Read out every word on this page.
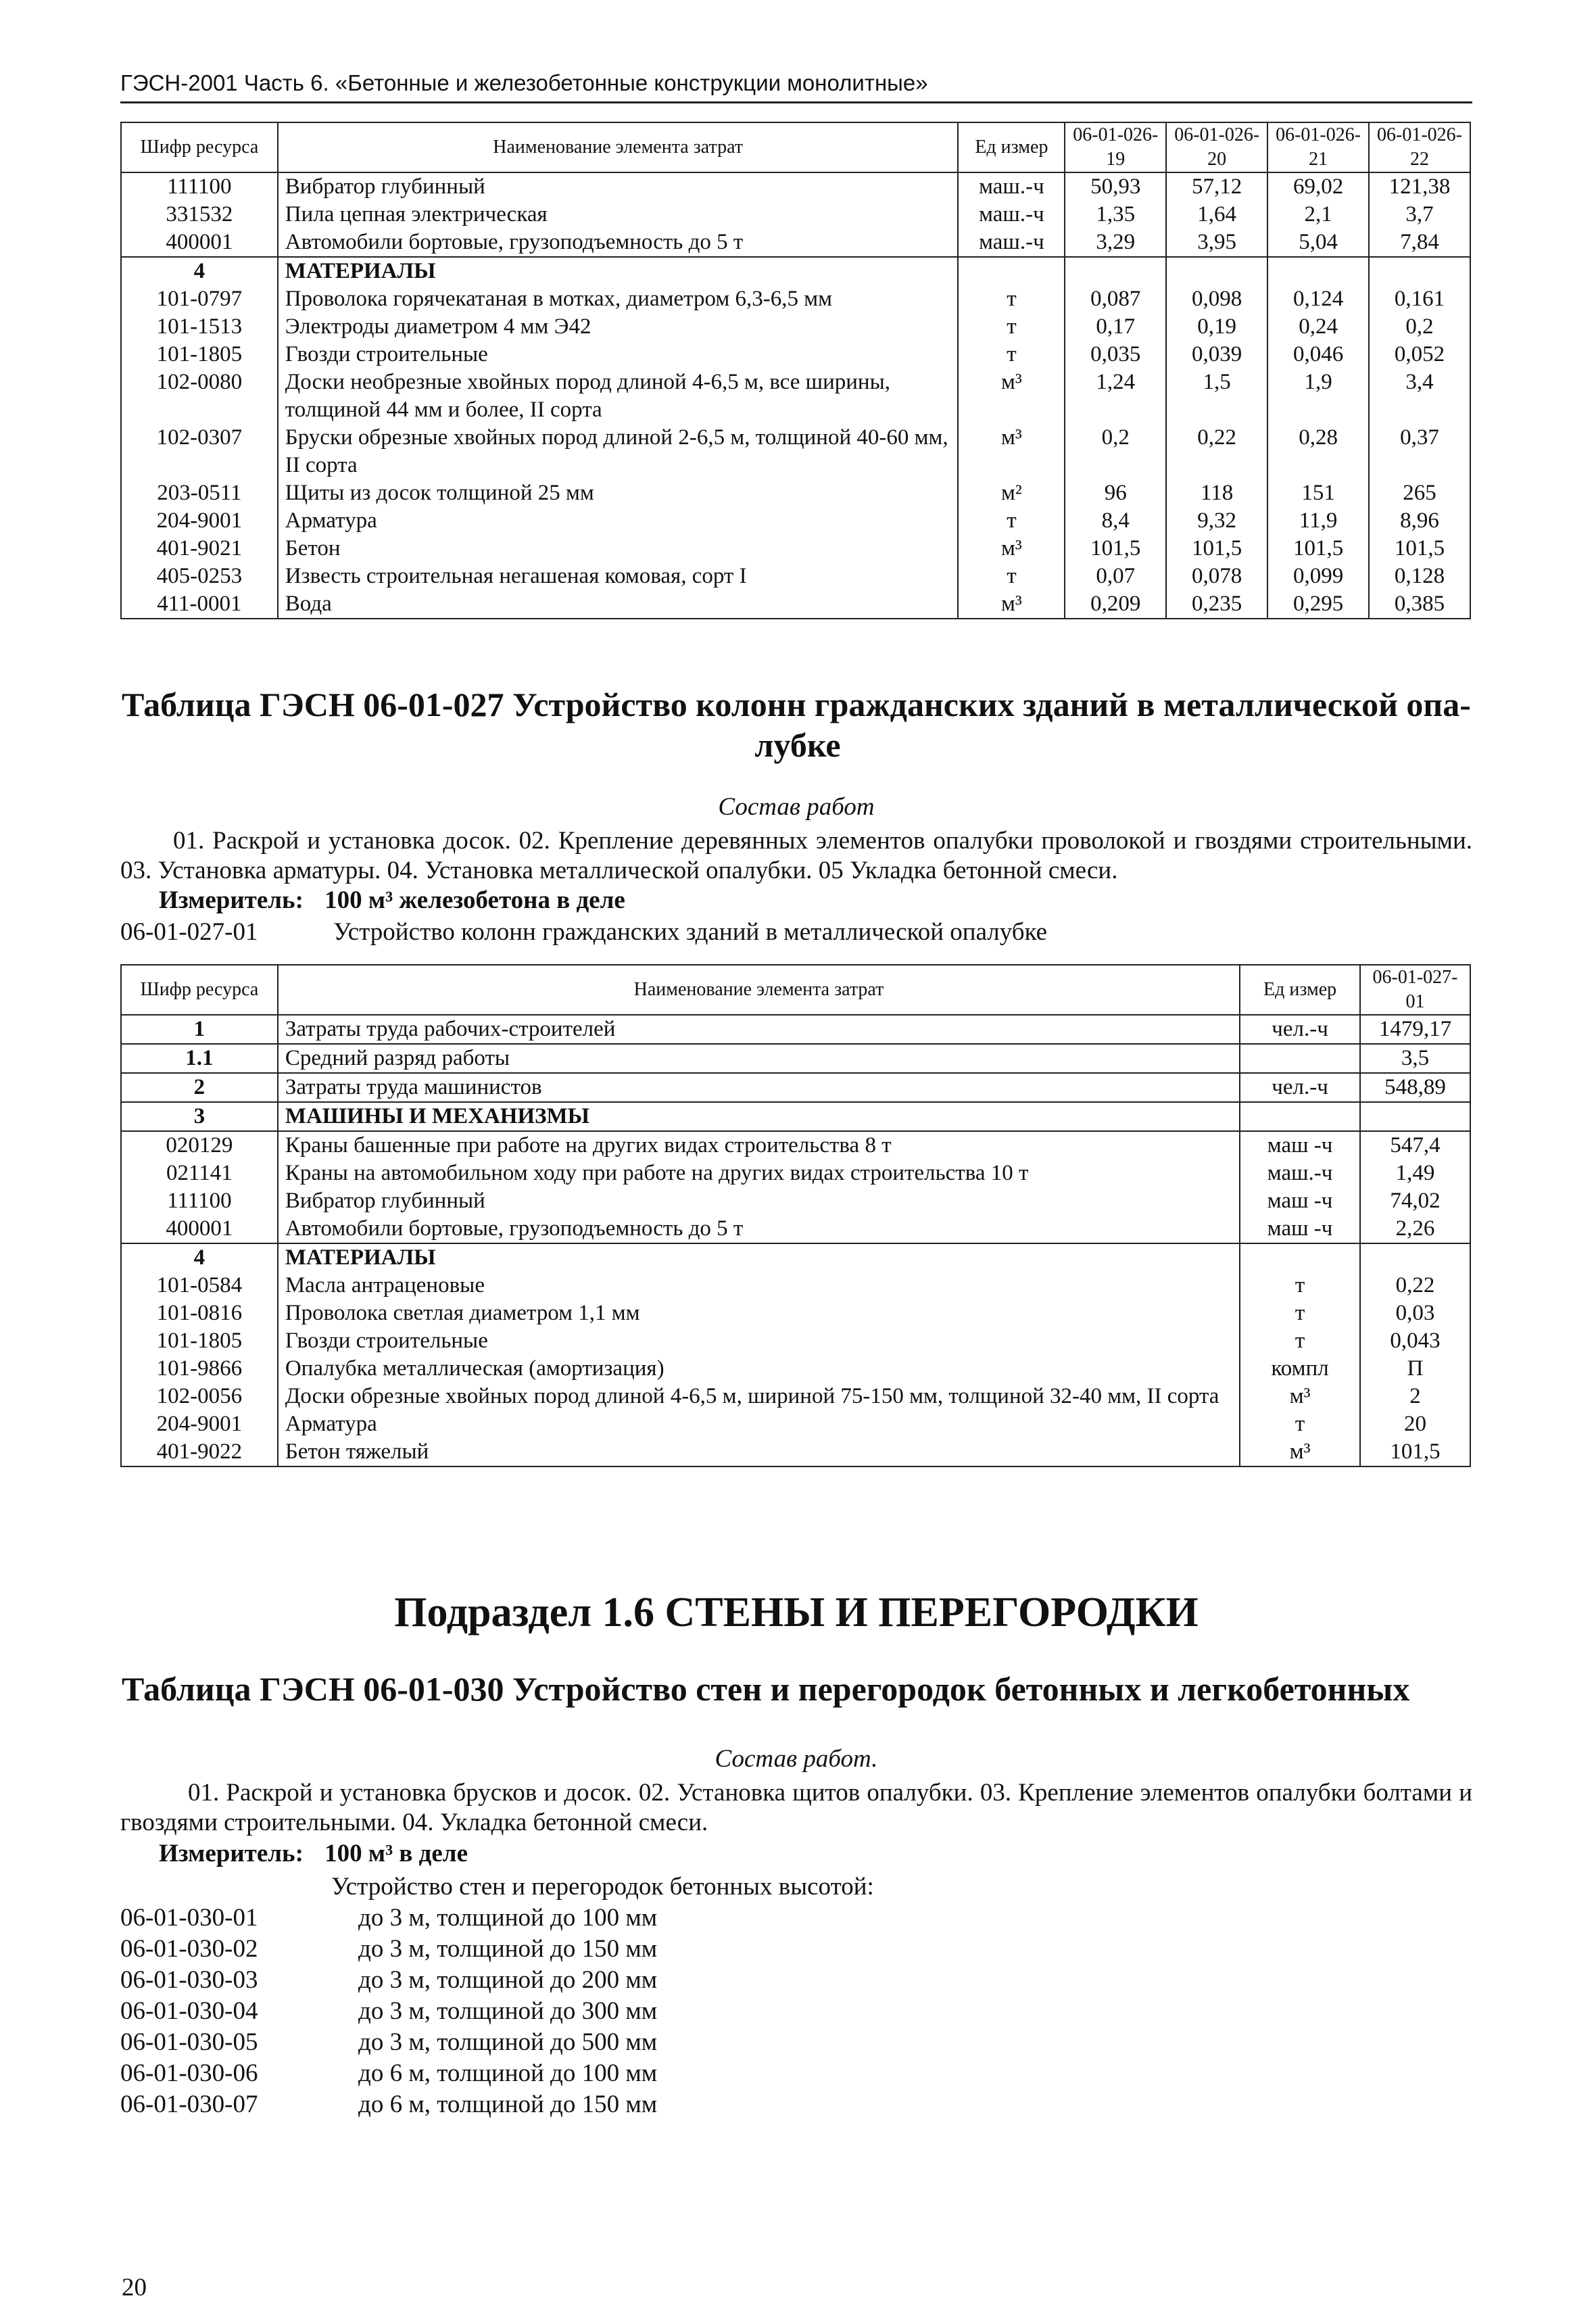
ГЭСН-2001 Часть 6. «Бетонные и железобетонные конструкции монолитные»
Шифр ресурса	Наименование элемента затрат	Ед измер	06-01-026-19	06-01-026-20	06-01-026-21	06-01-026-22
111100	Вибратор глубинный	маш.-ч	50,93	57,12	69,02	121,38
331532	Пила цепная электрическая	маш.-ч	1,35	1,64	2,1	3,7
400001	Автомобили бортовые, грузоподъемность до 5 т	маш.-ч	3,29	3,95	5,04	7,84
4	МАТЕРИАЛЫ					
101-0797	Проволока горячекатаная в мотках, диаметром 6,3-6,5 мм	т	0,087	0,098	0,124	0,161
101-1513	Электроды диаметром 4 мм Э42	т	0,17	0,19	0,24	0,2
101-1805	Гвозди строительные	т	0,035	0,039	0,046	0,052
102-0080	Доски необрезные хвойных пород длиной 4-6,5 м, все ширины, толщиной 44 мм и более, II сорта	м³	1,24	1,5	1,9	3,4
102-0307	Бруски обрезные хвойных пород длиной 2-6,5 м, толщиной 40-60 мм, II сорта	м³	0,2	0,22	0,28	0,37
203-0511	Щиты из досок толщиной 25 мм	м²	96	118	151	265
204-9001	Арматура	т	8,4	9,32	11,9	8,96
401-9021	Бетон	м³	101,5	101,5	101,5	101,5
405-0253	Известь строительная негашеная комовая, сорт I	т	0,07	0,078	0,099	0,128
411-0001	Вода	м³	0,209	0,235	0,295	0,385
Таблица ГЭСН 06-01-027 Устройство колонн гражданских зданий в металлической опа-
лубке
Состав работ
01. Раскрой и установка досок. 02. Крепление деревянных элементов опалубки проволокой и гвоздями строительными. 03. Установка арматуры. 04. Установка металлической опалубки. 05 Укладка бетонной смеси.
Измеритель: 100 м³ железобетона в деле
06-01-027-01	Устройство колонн гражданских зданий в металлической опалубке
Шифр ресурса	Наименование элемента затрат	Ед измер	06-01-027-01
1	Затраты труда рабочих-строителей	чел.-ч	1479,17
1.1	Средний разряд работы		3,5
2	Затраты труда машинистов	чел.-ч	548,89
3	МАШИНЫ И МЕХАНИЗМЫ		
020129	Краны башенные при работе на других видах строительства 8 т	маш -ч	547,4
021141	Краны на автомобильном ходу при работе на других видах строительства 10 т	маш.-ч	1,49
111100	Вибратор глубинный	маш -ч	74,02
400001	Автомобили бортовые, грузоподъемность до 5 т	маш -ч	2,26
4	МАТЕРИАЛЫ		
101-0584	Масла антраценовые	т	0,22
101-0816	Проволока светлая диаметром 1,1 мм	т	0,03
101-1805	Гвозди строительные	т	0,043
101-9866	Опалубка металлическая (амортизация)	компл	П
102-0056	Доски обрезные хвойных пород длиной 4-6,5 м, шириной 75-150 мм, толщиной 32-40 мм, II сорта	м³	2
204-9001	Арматура	т	20
401-9022	Бетон тяжелый	м³	101,5
Подраздел 1.6 СТЕНЫ И ПЕРЕГОРОДКИ
Таблица ГЭСН 06-01-030 Устройство стен и перегородок бетонных и легкобетонных
Состав работ.
01. Раскрой и установка брусков и досок. 02. Установка щитов опалубки. 03. Крепление элементов опалубки болтами и гвоздями строительными. 04. Укладка бетонной смеси.
Измеритель: 100 м³ в деле
Устройство стен и перегородок бетонных высотой:
06-01-030-01	до 3 м, толщиной до 100 мм
06-01-030-02	до 3 м, толщиной до 150 мм
06-01-030-03	до 3 м, толщиной до 200 мм
06-01-030-04	до 3 м, толщиной до 300 мм
06-01-030-05	до 3 м, толщиной до 500 мм
06-01-030-06	до 6 м, толщиной до 100 мм
06-01-030-07	до 6 м, толщиной до 150 мм
20
